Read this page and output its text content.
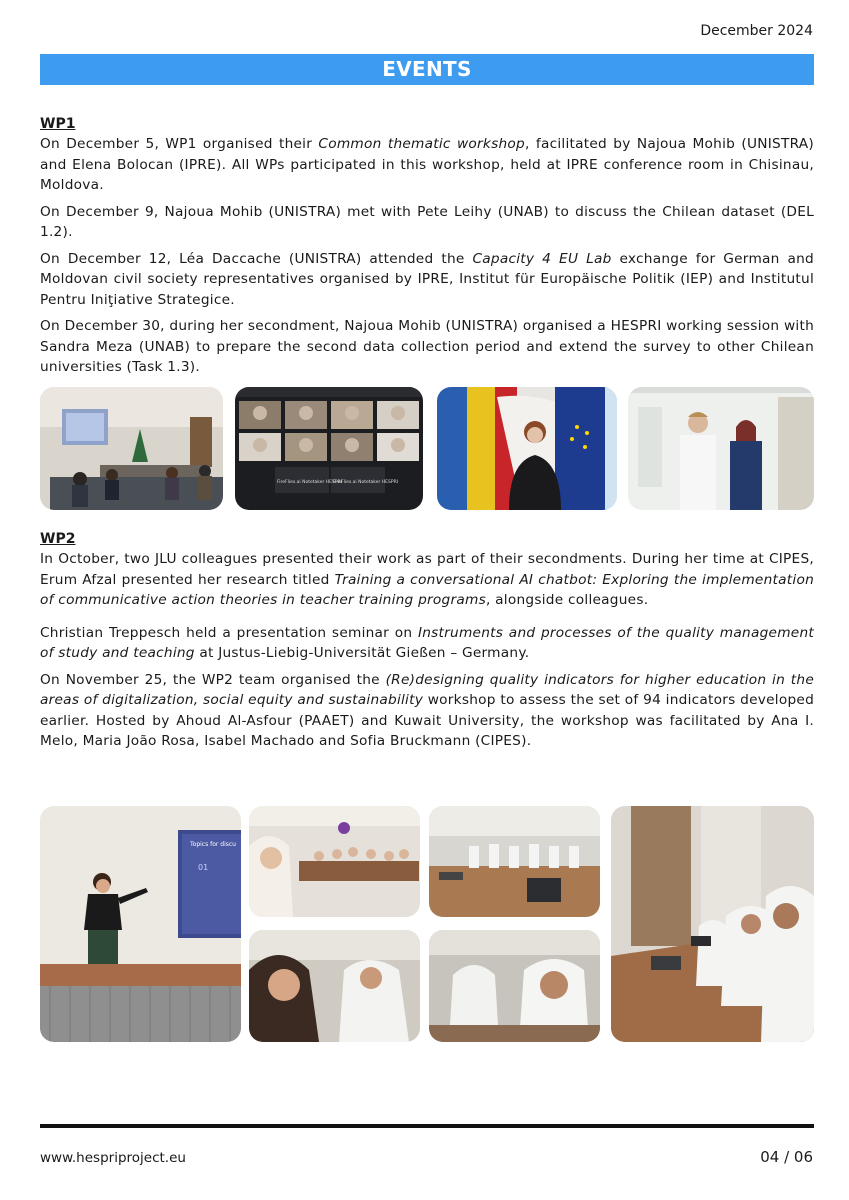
December 2024
EVENTS

WP1

On December 5, WP1 organised their Common thematic workshop, facilitated by Najoua Mohib (UNISTRA) and Elena Bolocan (IPRE). All WPs participated in this workshop, held at IPRE conference room in Chisinau, Moldova.

On December 9, Najoua Mohib (UNISTRA) met with Pete Leihy (UNAB) to discuss the Chilean dataset (DEL 1.2).

On December 12, Léa Daccache (UNISTRA) attended the Capacity 4 EU Lab exchange for German and Moldovan civil society representatives organised by IPRE, Institut für Europäische Politik (IEP) and Institutul Pentru Iniţiative Strategice.

On December 30, during her secondment, Najoua Mohib (UNISTRA) organised a HESPRI working session with Sandra Meza (UNAB) to prepare the second data collection period and extend the survey to other Chilean universities (Task 1.3).

FireFlies.ai Notetaker HESPRI
FireFlies.ai Notetaker HESPRI

WP2

In October, two JLU colleagues presented their work as part of their secondments. During her time at CIPES, Erum Afzal presented her research titled Training a conversational AI chatbot: Exploring the implementation of communicative action theories in teacher training programs, alongside colleagues.

Christian Treppesch held a presentation seminar on Instruments and processes of the quality management of study and teaching at Justus-Liebig-Universität Gießen – Germany.

On November 25, the WP2 team organised the (Re)designing quality indicators for higher education in the areas of digitalization, social equity and sustainability workshop to assess the set of 94 indicators developed earlier. Hosted by Ahoud Al-Asfour (PAAET) and Kuwait University, the workshop was facilitated by Ana I. Melo, Maria João Rosa, Isabel Machado and Sofia Bruckmann (CIPES).

Topics for discu
01
www.hespriproject.eu	04 / 06
